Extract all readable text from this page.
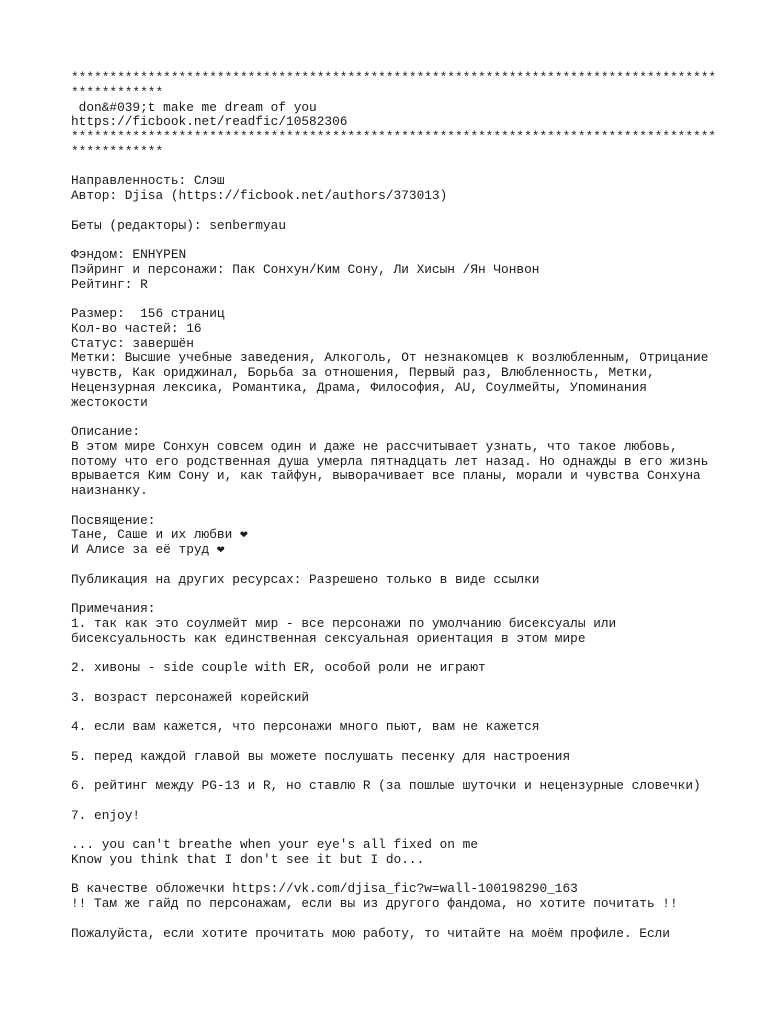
************************************************************************************
************
don&#039;t make me dream of you
https://ficbook.net/readfic/10582306
************************************************************************************
************
Направленность: Слэш
Автор: Djisa (https://ficbook.net/authors/373013)
Беты (редакторы): senbermyau
Фэндом: ENHYPEN
Пэйринг и персонажи: Пак Сонхун/Ким Сону, Ли Хисын /Ян Чонвон
Рейтинг: R
Размер:  156 страниц
Кол-во частей: 16
Статус: завершён
Метки: Высшие учебные заведения, Алкоголь, От незнакомцев к возлюбленным, Отрицание
чувств, Как ориджинал, Борьба за отношения, Первый раз, Влюбленность, Метки,
Нецензурная лексика, Романтика, Драма, Философия, AU, Соулмейты, Упоминания
жестокости
Описание:
В этом мире Сонхун совсем один и даже не рассчитывает узнать, что такое любовь,
потому что его родственная душа умерла пятнадцать лет назад. Но однажды в его жизнь
врывается Ким Сону и, как тайфун, выворачивает все планы, морали и чувства Сонхуна
наизнанку.
Посвящение:
Тане, Саше и их любви ❤
И Алисе за её труд ❤
Публикация на других ресурсах: Разрешено только в виде ссылки
Примечания:
1. так как это соулмейт мир - все персонажи по умолчанию бисексуалы или
бисексуальность как единственная сексуальная ориентация в этом мире
2. хивоны - side couple with ER, особой роли не играют
3. возраст персонажей корейский
4. если вам кажется, что персонажи много пьют, вам не кажется
5. перед каждой главой вы можете послушать песенку для настроения
6. рейтинг между PG-13 и R, но ставлю R (за пошлые шуточки и нецензурные словечки)
7. enjoy!
... you can't breathe when your eye's all fixed on me
Know you think that I don't see it but I do...
В качестве обложечки https://vk.com/djisa_fic?w=wall-100198290_163
!! Там же гайд по персонажам, если вы из другого фандома, но хотите почитать !!
Пожалуйста, если хотите прочитать мою работу, то читайте на моём профиле. Если
